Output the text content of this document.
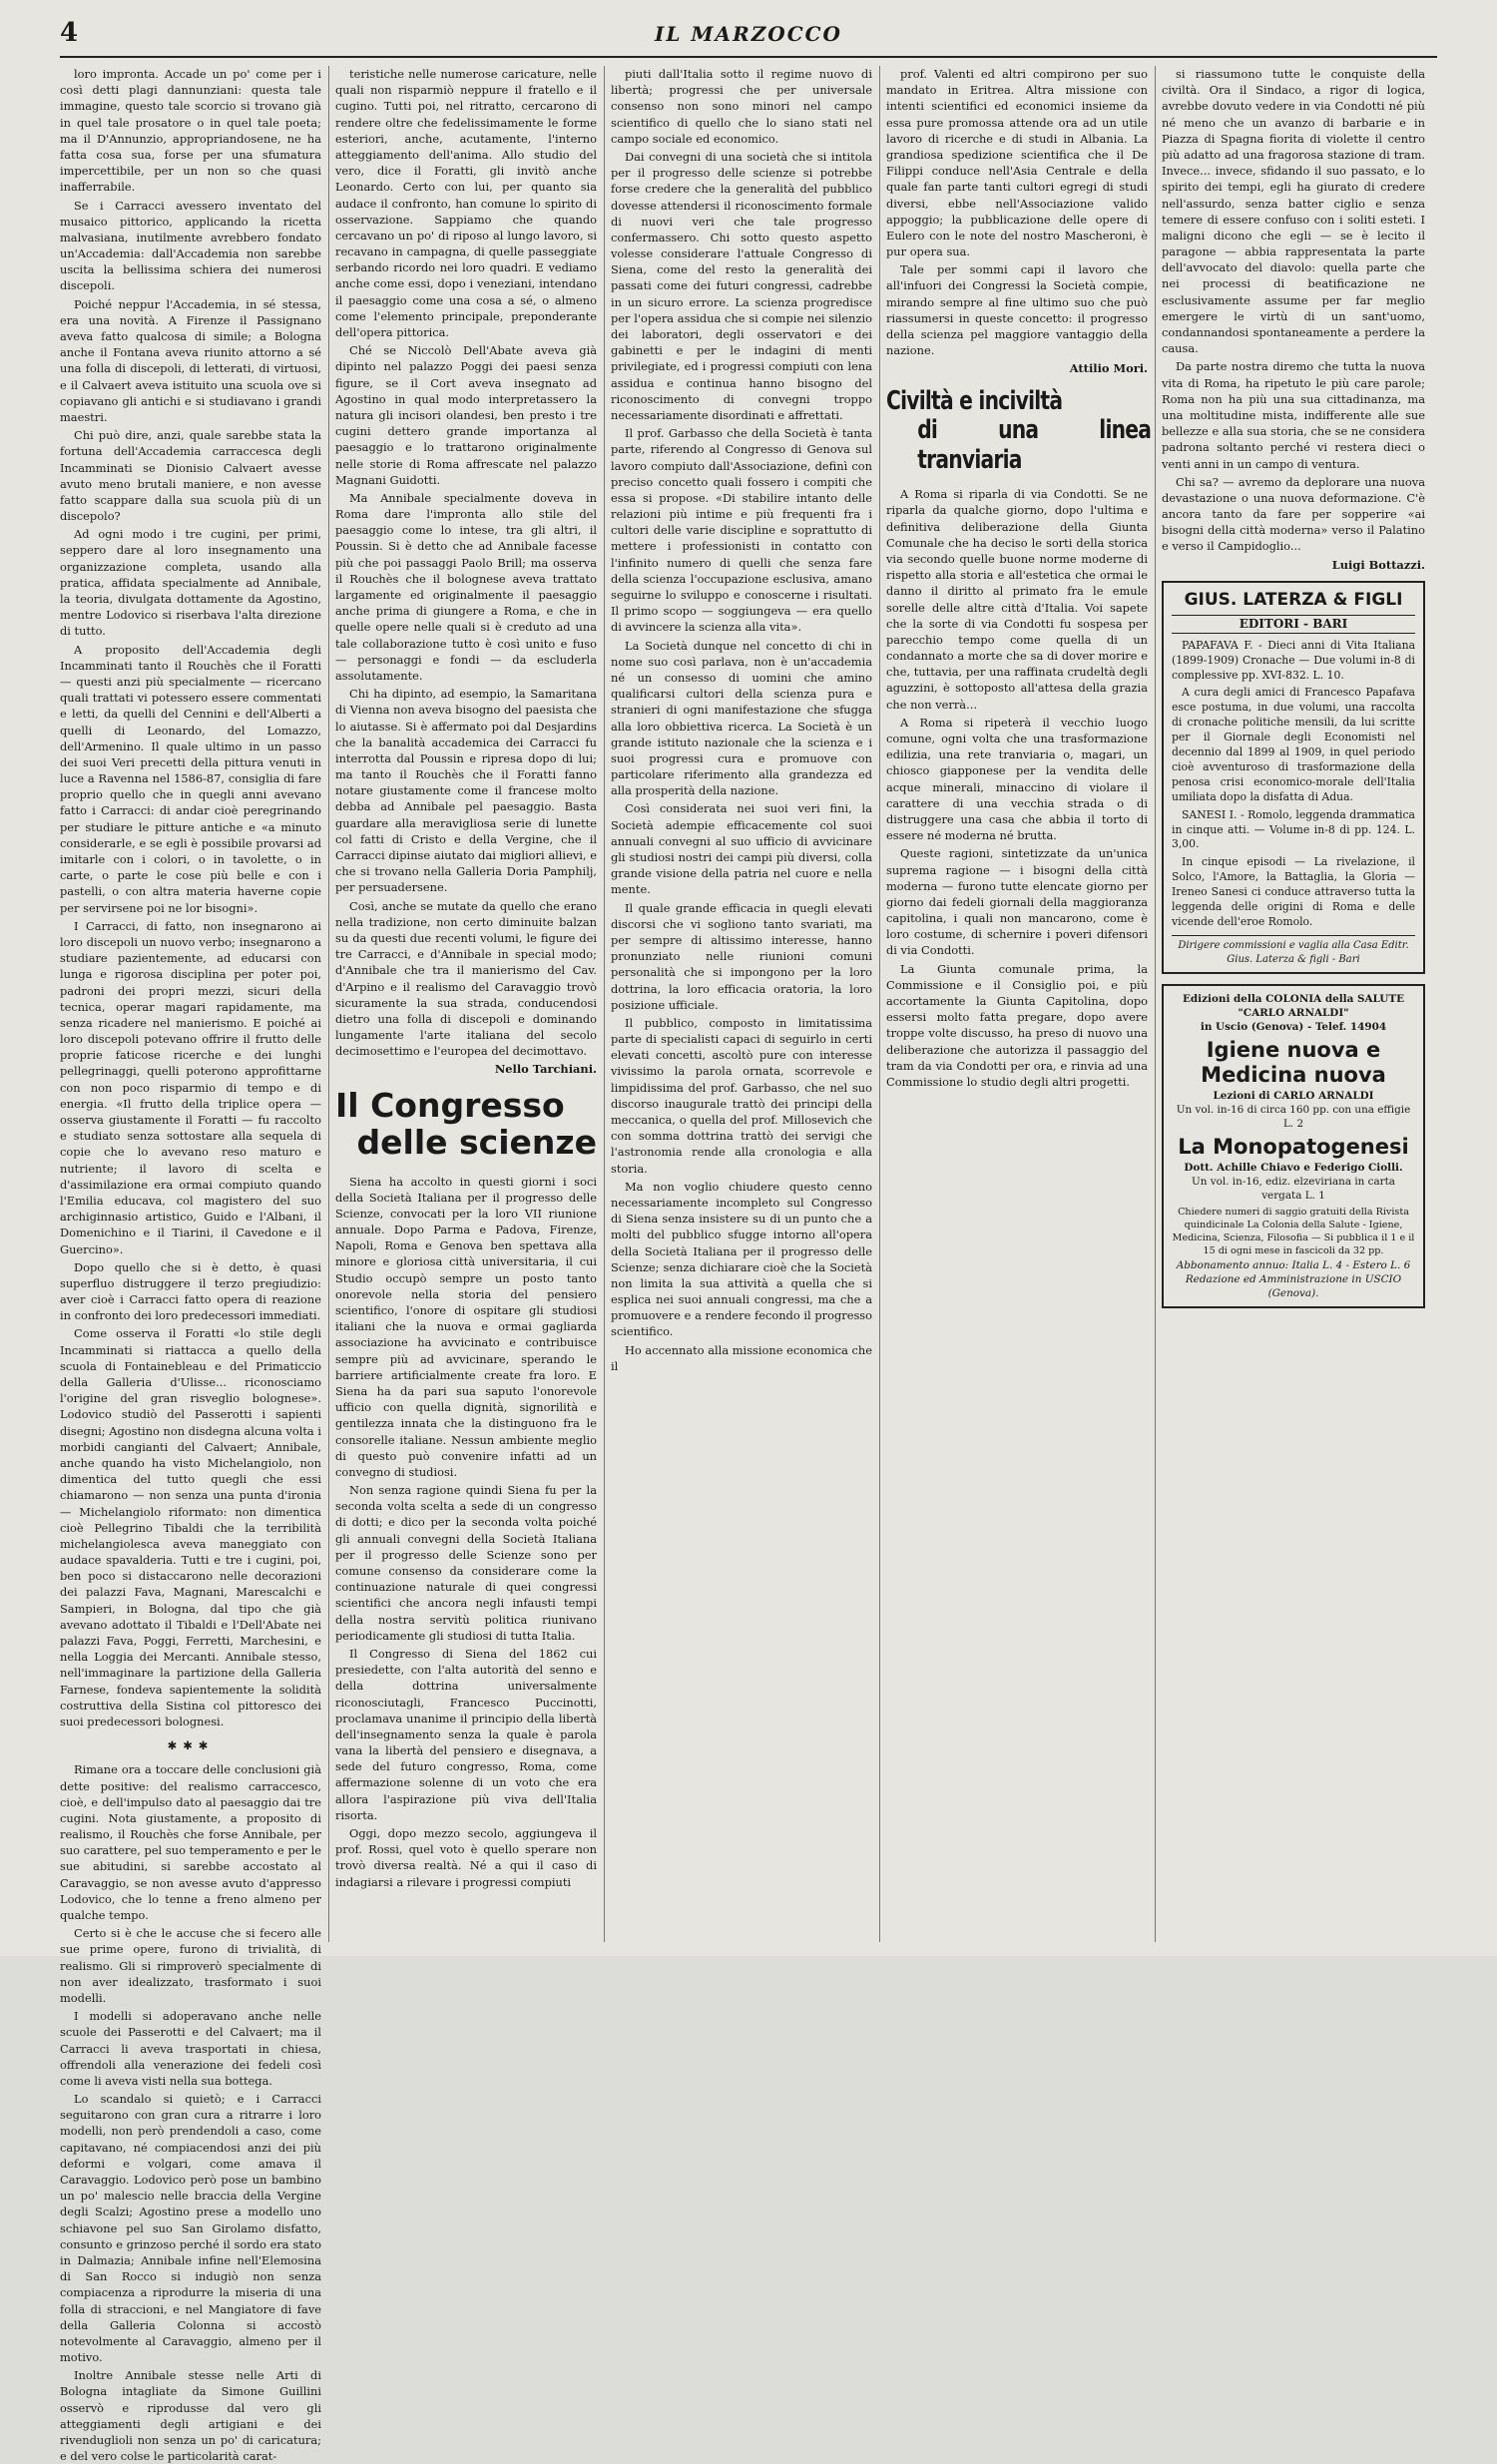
4	IL MARZOCCO

loro impronta. Accade un po' come per i così detti plagi dannunziani: questa tale immagine, questo tale scorcio si trovano già in quel tale prosatore o in quel tale poeta; ma il D'Annunzio, appropriandosene, ne ha fatta cosa sua, forse per una sfumatura impercettibile, per un non so che quasi inafferrabile.

Se i Carracci avessero inventato del musaico pittorico, applicando la ricetta malvasiana, inutilmente avrebbero fondato un'Accademia: dall'Accademia non sarebbe uscita la bellissima schiera dei numerosi discepoli.

Poiché neppur l'Accademia, in sé stessa, era una novità. A Firenze il Passignano aveva fatto qualcosa di simile; a Bologna anche il Fontana aveva riunito attorno a sé una folla di discepoli, di letterati, di virtuosi, e il Calvaert aveva istituito una scuola ove si copiavano gli antichi e si studiavano i grandi maestri.

Chi può dire, anzi, quale sarebbe stata la fortuna dell'Accademia carraccesca degli Incamminati se Dionisio Calvaert avesse avuto meno brutali maniere, e non avesse fatto scappare dalla sua scuola più di un discepolo?

Ad ogni modo i tre cugini, per primi, seppero dare al loro insegnamento una organizzazione completa, usando alla pratica, affidata specialmente ad Annibale, la teoria, divulgata dottamente da Agostino, mentre Lodovico si riserbava l'alta direzione di tutto.

A proposito dell'Accademia degli Incamminati tanto il Rouchès che il Foratti — questi anzi più specialmente — ricercano quali trattati vi potessero essere commentati e letti, da quelli del Cennini e dell'Alberti a quelli di Leonardo, del Lomazzo, dell'Armenino. Il quale ultimo in un passo dei suoi Veri precetti della pittura venuti in luce a Ravenna nel 1586-87, consiglia di fare proprio quello che in quegli anni avevano fatto i Carracci: di andar cioè peregrinando per studiare le pitture antiche e «a minuto considerarle, e se egli è possibile provarsi ad imitarle con i colori, o in tavolette, o in carte, o parte le cose più belle e con i pastelli, o con altra materia haverne copie per servirsene poi ne lor bisogni».

I Carracci, di fatto, non insegnarono ai loro discepoli un nuovo verbo; insegnarono a studiare pazientemente, ad educarsi con lunga e rigorosa disciplina per poter poi, padroni dei propri mezzi, sicuri della tecnica, operar magari rapidamente, ma senza ricadere nel manierismo. E poiché ai loro discepoli potevano offrire il frutto delle proprie faticose ricerche e dei lunghi pellegrinaggi, quelli poterono approfittarne con non poco risparmio di tempo e di energia. «Il frutto della triplice opera — osserva giustamente il Foratti — fu raccolto e studiato senza sottostare alla sequela di copie che lo avevano reso maturo e nutriente; il lavoro di scelta e d'assimilazione era ormai compiuto quando l'Emilia educava, col magistero del suo archiginnasio artistico, Guido e l'Albani, il Domenichino e il Tiarini, il Cavedone e il Guercino».

Dopo quello che si è detto, è quasi superfluo distruggere il terzo pregiudizio: aver cioè i Carracci fatto opera di reazione in confronto dei loro predecessori immediati.

Come osserva il Foratti «lo stile degli Incamminati si riattacca a quello della scuola di Fontainebleau e del Primaticcio della Galleria d'Ulisse... riconosciamo l'origine del gran risveglio bolognese». Lodovico studiò del Passerotti i sapienti disegni; Agostino non disdegna alcuna volta i morbidi cangianti del Calvaert; Annibale, anche quando ha visto Michelangiolo, non dimentica del tutto quegli che essi chiamarono — non senza una punta d'ironia — Michelangiolo riformato: non dimentica cioè Pellegrino Tibaldi che la terribilità michelangiolesca aveva maneggiato con audace spavalderia. Tutti e tre i cugini, poi, ben poco si distaccarono nelle decorazioni dei palazzi Fava, Magnani, Marescalchi e Sampieri, in Bologna, dal tipo che già avevano adottato il Tibaldi e l'Dell'Abate nei palazzi Fava, Poggi, Ferretti, Marchesini, e nella Loggia dei Mercanti. Annibale stesso, nell'immaginare la partizione della Galleria Farnese, fondeva sapientemente la solidità costruttiva della Sistina col pittoresco dei suoi predecessori bolognesi.

✱✱✱

Rimane ora a toccare delle conclusioni già dette positive: del realismo carraccesco, cioè, e dell'impulso dato al paesaggio dai tre cugini. Nota giustamente, a proposito di realismo, il Rouchès che forse Annibale, per suo carattere, pel suo temperamento e per le sue abitudini, si sarebbe accostato al Caravaggio, se non avesse avuto d'appresso Lodovico, che lo tenne a freno almeno per qualche tempo.

Certo si è che le accuse che si fecero alle sue prime opere, furono di trivialità, di realismo. Gli si rimproverò specialmente di non aver idealizzato, trasformato i suoi modelli.

I modelli si adoperavano anche nelle scuole dei Passerotti e del Calvaert; ma il Carracci li aveva trasportati in chiesa, offrendoli alla venerazione dei fedeli così come li aveva visti nella sua bottega.

Lo scandalo si quietò; e i Carracci seguitarono con gran cura a ritrarre i loro modelli, non però prendendoli a caso, come capitavano, né compiacendosi anzi dei più deformi e volgari, come amava il Caravaggio. Lodovico però pose un bambino un po' malescio nelle braccia della Vergine degli Scalzi; Agostino prese a modello uno schiavone pel suo San Girolamo disfatto, consunto e grinzoso perché il sordo era stato in Dalmazia; Annibale infine nell'Elemosina di San Rocco si indugiò non senza compiacenza a riprodurre la miseria di una folla di straccioni, e nel Mangiatore di fave della Galleria Colonna si accostò notevolmente al Caravaggio, almeno per il motivo.

Inoltre Annibale stesse nelle Arti di Bologna intagliate da Simone Guillini osservò e riprodusse dal vero gli atteggiamenti degli artigiani e dei rivenduglioli non senza un po' di caricatura; e del vero colse le particolarità carat-

teristiche nelle numerose caricature, nelle quali non risparmiò neppure il fratello e il cugino. Tutti poi, nel ritratto, cercarono di rendere oltre che fedelissimamente le forme esteriori, anche, acutamente, l'interno atteggiamento dell'anima. Allo studio del vero, dice il Foratti, gli invitò anche Leonardo. Certo con lui, per quanto sia audace il confronto, han comune lo spirito di osservazione. Sappiamo che quando cercavano un po' di riposo al lungo lavoro, si recavano in campagna, di quelle passeggiate serbando ricordo nei loro quadri. E vediamo anche come essi, dopo i veneziani, intendano il paesaggio come una cosa a sé, o almeno come l'elemento principale, preponderante dell'opera pittorica.

Ché se Niccolò Dell'Abate aveva già dipinto nel palazzo Poggi dei paesi senza figure, se il Cort aveva insegnato ad Agostino in qual modo interpretassero la natura gli incisori olandesi, ben presto i tre cugini dettero grande importanza al paesaggio e lo trattarono originalmente nelle storie di Roma affrescate nel palazzo Magnani Guidotti.

Ma Annibale specialmente doveva in Roma dare l'impronta allo stile del paesaggio come lo intese, tra gli altri, il Poussin. Si è detto che ad Annibale facesse più che poi passaggi Paolo Brill; ma osserva il Rouchès che il bolognese aveva trattato largamente ed originalmente il paesaggio anche prima di giungere a Roma, e che in quelle opere nelle quali si è creduto ad una tale collaborazione tutto è così unito e fuso — personaggi e fondi — da escluderla assolutamente.

Chi ha dipinto, ad esempio, la Samaritana di Vienna non aveva bisogno del paesista che lo aiutasse. Si è affermato poi dal Desjardins che la banalità accademica dei Carracci fu interrotta dal Poussin e ripresa dopo di lui; ma tanto il Rouchès che il Foratti fanno notare giustamente come il francese molto debba ad Annibale pel paesaggio. Basta guardare alla meravigliosa serie di lunette col fatti di Cristo e della Vergine, che il Carracci dipinse aiutato dai migliori allievi, e che si trovano nella Galleria Doria Pamphilj, per persuadersene.

Così, anche se mutate da quello che erano nella tradizione, non certo diminuite balzan su da questi due recenti volumi, le figure dei tre Carracci, e d'Annibale in special modo; d'Annibale che tra il manierismo del Cav. d'Arpino e il realismo del Caravaggio trovò sicuramente la sua strada, conducendosi dietro una folla di discepoli e dominando lungamente l'arte italiana del secolo decimosettimo e l'europea del decimottavo.

Nello Tarchiani.

Il Congresso
delle scienze

Siena ha accolto in questi giorni i soci della Società Italiana per il progresso delle Scienze, convocati per la loro VII riunione annuale. Dopo Parma e Padova, Firenze, Napoli, Roma e Genova ben spettava alla minore e gloriosa città universitaria, il cui Studio occupò sempre un posto tanto onorevole nella storia del pensiero scientifico, l'onore di ospitare gli studiosi italiani che la nuova e ormai gagliarda associazione ha avvicinato e contribuisce sempre più ad avvicinare, sperando le barriere artificialmente create fra loro. E Siena ha da pari sua saputo l'onorevole ufficio con quella dignità, signorilità e gentilezza innata che la distinguono fra le consorelle italiane. Nessun ambiente meglio di questo può convenire infatti ad un convegno di studiosi.

Non senza ragione quindi Siena fu per la seconda volta scelta a sede di un congresso di dotti; e dico per la seconda volta poiché gli annuali convegni della Società Italiana per il progresso delle Scienze sono per comune consenso da considerare come la continuazione naturale di quei congressi scientifici che ancora negli infausti tempi della nostra servitù politica riunivano periodicamente gli studiosi di tutta Italia.

Il Congresso di Siena del 1862 cui presiedette, con l'alta autorità del senno e della dottrina universalmente riconosciutagli, Francesco Puccinotti, proclamava unanime il principio della libertà dell'insegnamento senza la quale è parola vana la libertà del pensiero e disegnava, a sede del futuro congresso, Roma, come affermazione solenne di un voto che era allora l'aspirazione più viva dell'Italia risorta.

Oggi, dopo mezzo secolo, aggiungeva il prof. Rossi, quel voto è quello sperare non trovò diversa realtà. Né a qui il caso di indagiarsi a rilevare i progressi compiuti

piuti dall'Italia sotto il regime nuovo di libertà; progressi che per universale consenso non sono minori nel campo scientifico di quello che lo siano stati nel campo sociale ed economico.

Dai convegni di una società che si intitola per il progresso delle scienze si potrebbe forse credere che la generalità del pubblico dovesse attendersi il riconoscimento formale di nuovi veri che tale progresso confermassero. Chi sotto questo aspetto volesse considerare l'attuale Congresso di Siena, come del resto la generalità dei passati come dei futuri congressi, cadrebbe in un sicuro errore. La scienza progredisce per l'opera assidua che si compie nei silenzio dei laboratori, degli osservatori e dei gabinetti e per le indagini di menti privilegiate, ed i progressi compiuti con lena assidua e continua hanno bisogno del riconoscimento di convegni troppo necessariamente disordinati e affrettati.

Il prof. Garbasso che della Società è tanta parte, riferendo al Congresso di Genova sul lavoro compiuto dall'Associazione, definì con preciso concetto quali fossero i compiti che essa si propose. «Di stabilire intanto delle relazioni più intime e più frequenti fra i cultori delle varie discipline e soprattutto di mettere i professionisti in contatto con l'infinito numero di quelli che senza fare della scienza l'occupazione esclusiva, amano seguirne lo sviluppo e conoscerne i risultati. Il primo scopo — soggiungeva — era quello di avvincere la scienza alla vita».

La Società dunque nel concetto di chi in nome suo così parlava, non è un'accademia né un consesso di uomini che amino qualificarsi cultori della scienza pura e stranieri di ogni manifestazione che sfugga alla loro obbiettiva ricerca. La Società è un grande istituto nazionale che la scienza e i suoi progressi cura e promuove con particolare riferimento alla grandezza ed alla prosperità della nazione.

Così considerata nei suoi veri fini, la Società adempie efficacemente col suoi annuali convegni al suo ufficio di avvicinare gli studiosi nostri dei campi più diversi, colla grande visione della patria nel cuore e nella mente.

Il quale grande efficacia in quegli elevati discorsi che vi sogliono tanto svariati, ma per sempre di altissimo interesse, hanno pronunziato nelle riunioni comuni personalità che si impongono per la loro dottrina, la loro efficacia oratoria, la loro posizione ufficiale.

Il pubblico, composto in limitatissima parte di specialisti capaci di seguirlo in certi elevati concetti, ascoltò pure con interesse vivissimo la parola ornata, scorrevole e limpidissima del prof. Garbasso, che nel suo discorso inaugurale trattò dei principi della meccanica, o quella del prof. Millosevich che con somma dottrina trattò dei servigi che l'astronomia rende alla cronologia e alla storia.

Ma non voglio chiudere questo cenno necessariamente incompleto sul Congresso di Siena senza insistere su di un punto che a molti del pubblico sfugge intorno all'opera della Società Italiana per il progresso delle Scienze; senza dichiarare cioè che la Società non limita la sua attività a quella che si esplica nei suoi annuali congressi, ma che a promuovere e a rendere fecondo il progresso scientifico.

Ho accennato alla missione economica che il

prof. Valenti ed altri compirono per suo mandato in Eritrea. Altra missione con intenti scientifici ed economici insieme da essa pure promossa attende ora ad un utile lavoro di ricerche e di studi in Albania. La grandiosa spedizione scientifica che il De Filippi conduce nell'Asia Centrale e della quale fan parte tanti cultori egregi di studi diversi, ebbe nell'Associazione valido appoggio; la pubblicazione delle opere di Eulero con le note del nostro Mascheroni, è pur opera sua.

Tale per sommi capi il lavoro che all'infuori dei Congressi la Società compie, mirando sempre al fine ultimo suo che può riassumersi in queste concetto: il progresso della scienza pel maggiore vantaggio della nazione.

Attilio Mori.

Civiltà e inciviltà
di una linea tranviaria

A Roma si riparla di via Condotti. Se ne riparla da qualche giorno, dopo l'ultima e definitiva deliberazione della Giunta Comunale che ha deciso le sorti della storica via secondo quelle buone norme moderne di rispetto alla storia e all'estetica che ormai le danno il diritto al primato fra le emule sorelle delle altre città d'Italia. Voi sapete che la sorte di via Condotti fu sospesa per parecchio tempo come quella di un condannato a morte che sa di dover morire e che, tuttavia, per una raffinata crudeltà degli aguzzini, è sottoposto all'attesa della grazia che non verrà...

A Roma si ripeterà il vecchio luogo comune, ogni volta che una trasformazione edilizia, una rete tranviaria o, magari, un chiosco giapponese per la vendita delle acque minerali, minaccino di violare il carattere di una vecchia strada o di distruggere una casa che abbia il torto di essere né moderna né brutta.

Queste ragioni, sintetizzate da un'unica suprema ragione — i bisogni della città moderna — furono tutte elencate giorno per giorno dai fedeli giornali della maggioranza capitolina, i quali non mancarono, come è loro costume, di schernire i poveri difensori di via Condotti.

La Giunta comunale prima, la Commissione e il Consiglio poi, e più accortamente la Giunta Capitolina, dopo essersi molto fatta pregare, dopo avere troppe volte discusso, ha preso di nuovo una deliberazione che autorizza il passaggio del tram da via Condotti per ora, e rinvia ad una Commissione lo studio degli altri progetti.

si riassumono tutte le conquiste della civiltà. Ora il Sindaco, a rigor di logica, avrebbe dovuto vedere in via Condotti né più né meno che un avanzo di barbarie e in Piazza di Spagna fiorita di violette il centro più adatto ad una fragorosa stazione di tram. Invece... invece, sfidando il suo passato, e lo spirito dei tempi, egli ha giurato di credere nell'assurdo, senza batter ciglio e senza temere di essere confuso con i soliti esteti. I maligni dicono che egli — se è lecito il paragone — abbia rappresentata la parte dell'avvocato del diavolo: quella parte che nei processi di beatificazione ne esclusivamente assume per far meglio emergere le virtù di un sant'uomo, condannandosi spontaneamente a perdere la causa.

Da parte nostra diremo che tutta la nuova vita di Roma, ha ripetuto le più care parole; Roma non ha più una sua cittadinanza, ma una moltitudine mista, indifferente alle sue bellezze e alla sua storia, che se ne considera padrona soltanto perché vi restera dieci o venti anni in un campo di ventura.

Chi sa? — avremo da deplorare una nuova devastazione o una nuova deformazione. C'è ancora tanto da fare per sopperire «ai bisogni della città moderna» verso il Palatino e verso il Campidoglio...

Luigi Bottazzi.

GIUS. LATERZA & FIGLI
EDITORI - BARI

PAPAFAVA F. - Dieci anni di Vita Italiana (1899-1909) Cronache — Due volumi in-8 di complessive pp. XVI-832. L. 10.

A cura degli amici di Francesco Papafava esce postuma, in due volumi, una raccolta di cronache politiche mensili, da lui scritte per il Giornale degli Economisti nel decennio dal 1899 al 1909, in quel periodo cioè avventuroso di trasformazione della penosa crisi economico-morale dell'Italia umiliata dopo la disfatta di Adua.

SANESI I. - Romolo, leggenda drammatica in cinque atti. — Volume in-8 di pp. 124. L. 3,00.

In cinque episodi — La rivelazione, il Solco, l'Amore, la Battaglia, la Gloria — Ireneo Sanesi ci conduce attraverso tutta la leggenda delle origini di Roma e delle vicende dell'eroe Romolo.

Dirigere commissioni e vaglia alla Casa Editr. Gius. Laterza & figli - Bari
Edizioni della COLONIA della SALUTE "CARLO ARNALDI"
in Uscio (Genova) - Telef. 14904
Igiene nuova e Medicina nuova
Lezioni di CARLO ARNALDI
Un vol. in-16 di circa 160 pp. con una effigie L. 2
La Monopatogenesi
Dott. Achille Chiavo e Federigo Ciolli.
Un vol. in-16, ediz. elzeviriana in carta vergata L. 1
Chiedere numeri di saggio gratuiti della Rivista quindicinale La Colonia della Salute - Igiene, Medicina, Scienza, Filosofia — Si pubblica il 1 e il 15 di ogni mese in fascicoli da 32 pp.
Abbonamento annuo: Italia L. 4 - Estero L. 6
Redazione ed Amministrazione in USCIO (Genova).
